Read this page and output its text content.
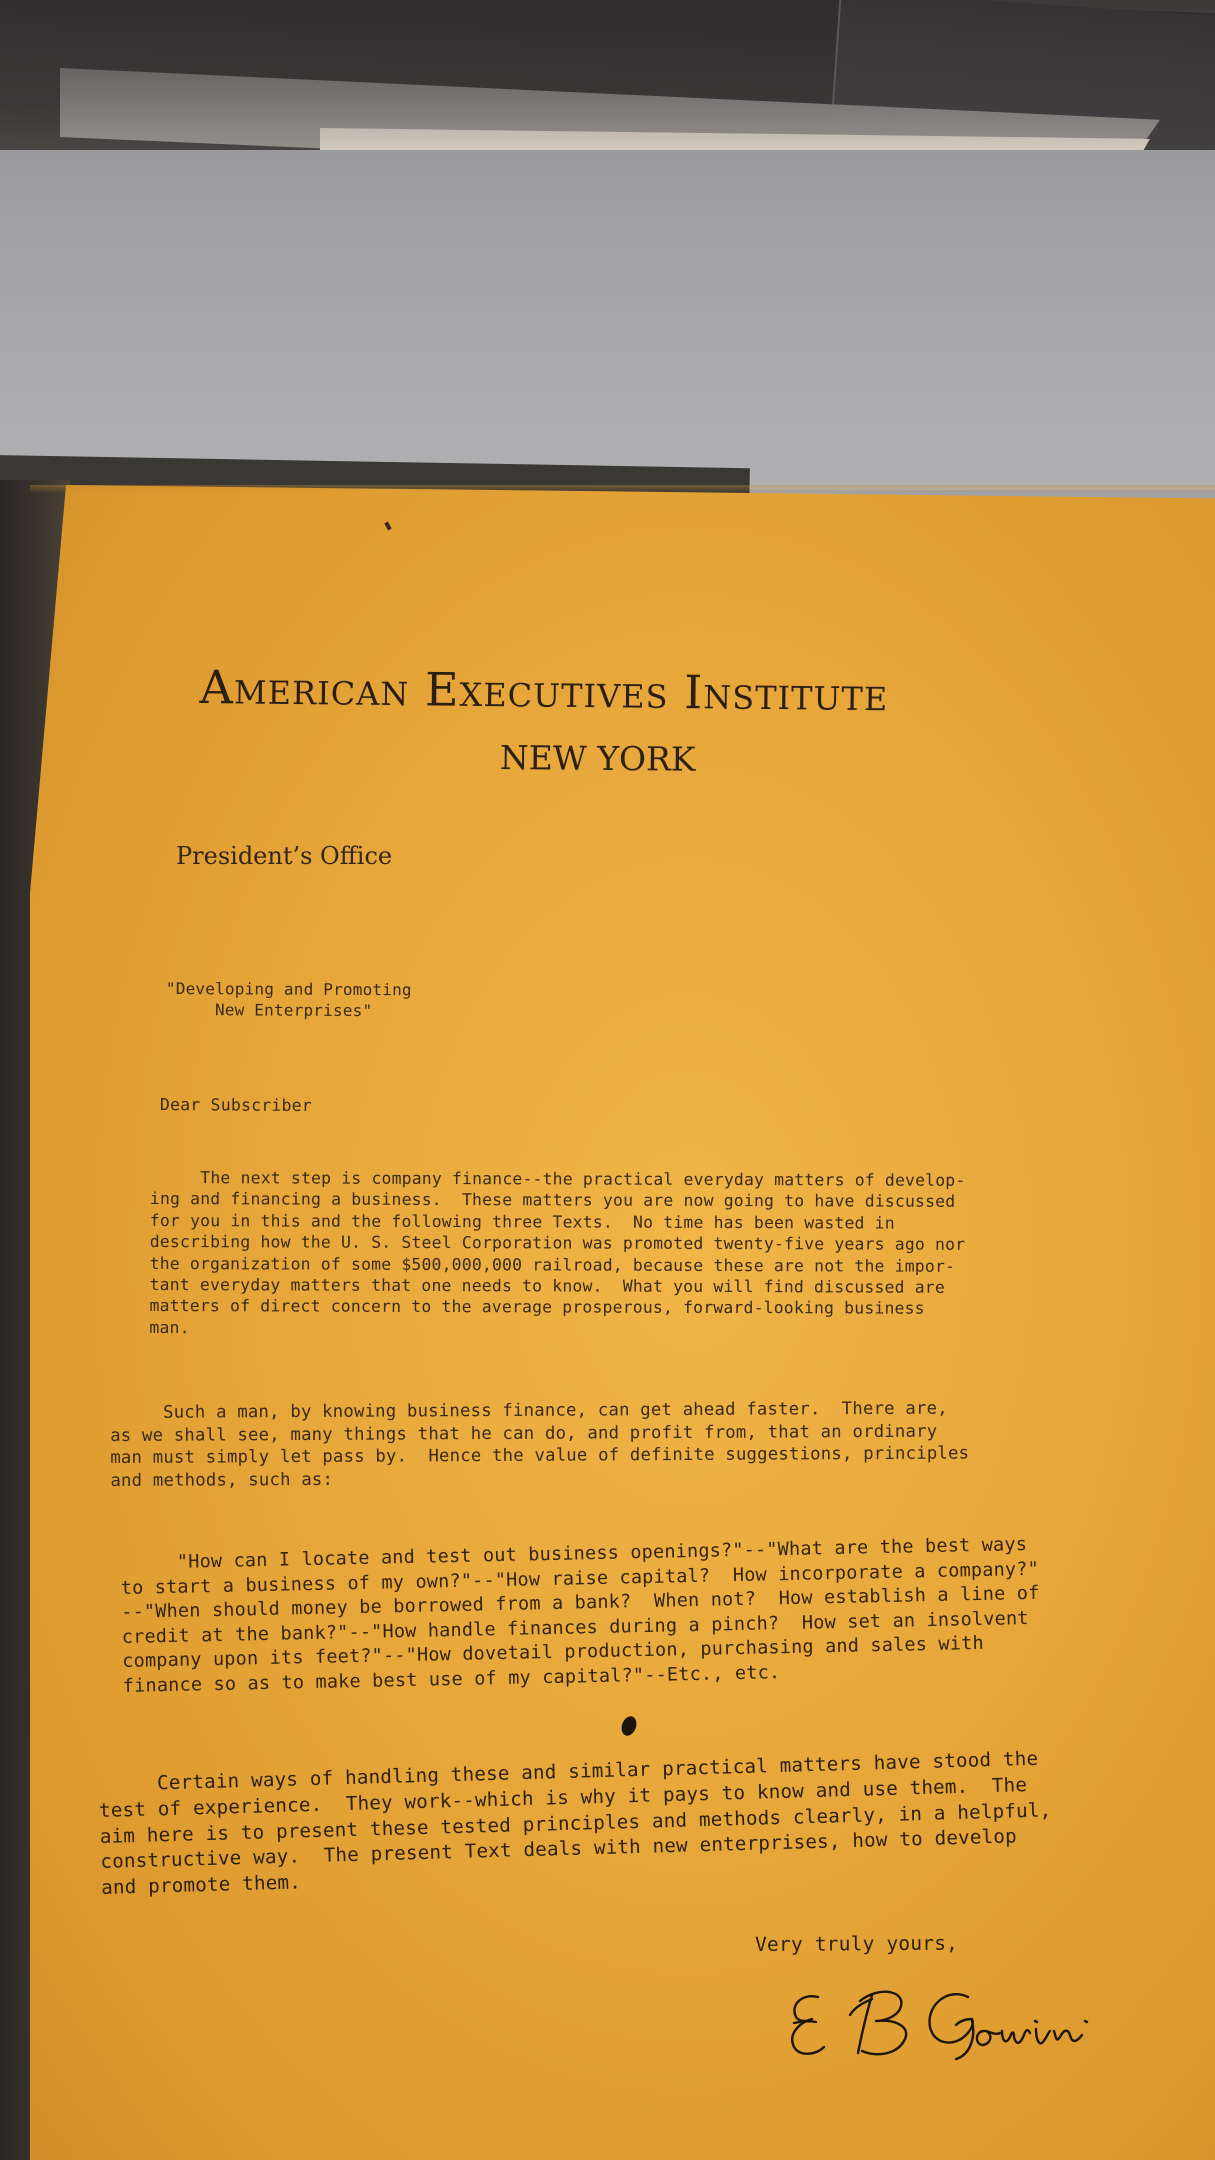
American Executives Institute
NEW YORK
President’s Office
"Developing and Promoting
New Enterprises"
Dear Subscriber
The next step is company finance--the practical everyday matters of develop-
ing and financing a business.  These matters you are now going to have discussed
for you in this and the following three Texts.  No time has been wasted in
describing how the U. S. Steel Corporation was promoted twenty-five years ago nor
the organization of some $500,000,000 railroad, because these are not the impor-
tant everyday matters that one needs to know.  What you will find discussed are
matters of direct concern to the average prosperous, forward-looking business
man.
Such a man, by knowing business finance, can get ahead faster.  There are,
as we shall see, many things that he can do, and profit from, that an ordinary
man must simply let pass by.  Hence the value of definite suggestions, principles
and methods, such as:
"How can I locate and test out business openings?"--"What are the best ways
to start a business of my own?"--"How raise capital?  How incorporate a company?"
--"When should money be borrowed from a bank?  When not?  How establish a line of
credit at the bank?"--"How handle finances during a pinch?  How set an insolvent
company upon its feet?"--"How dovetail production, purchasing and sales with
finance so as to make best use of my capital?"--Etc., etc.
Certain ways of handling these and similar practical matters have stood the
test of experience.  They work--which is why it pays to know and use them.  The
aim here is to present these tested principles and methods clearly, in a helpful,
constructive way.  The present Text deals with new enterprises, how to develop
and promote them.
Very truly yours,
